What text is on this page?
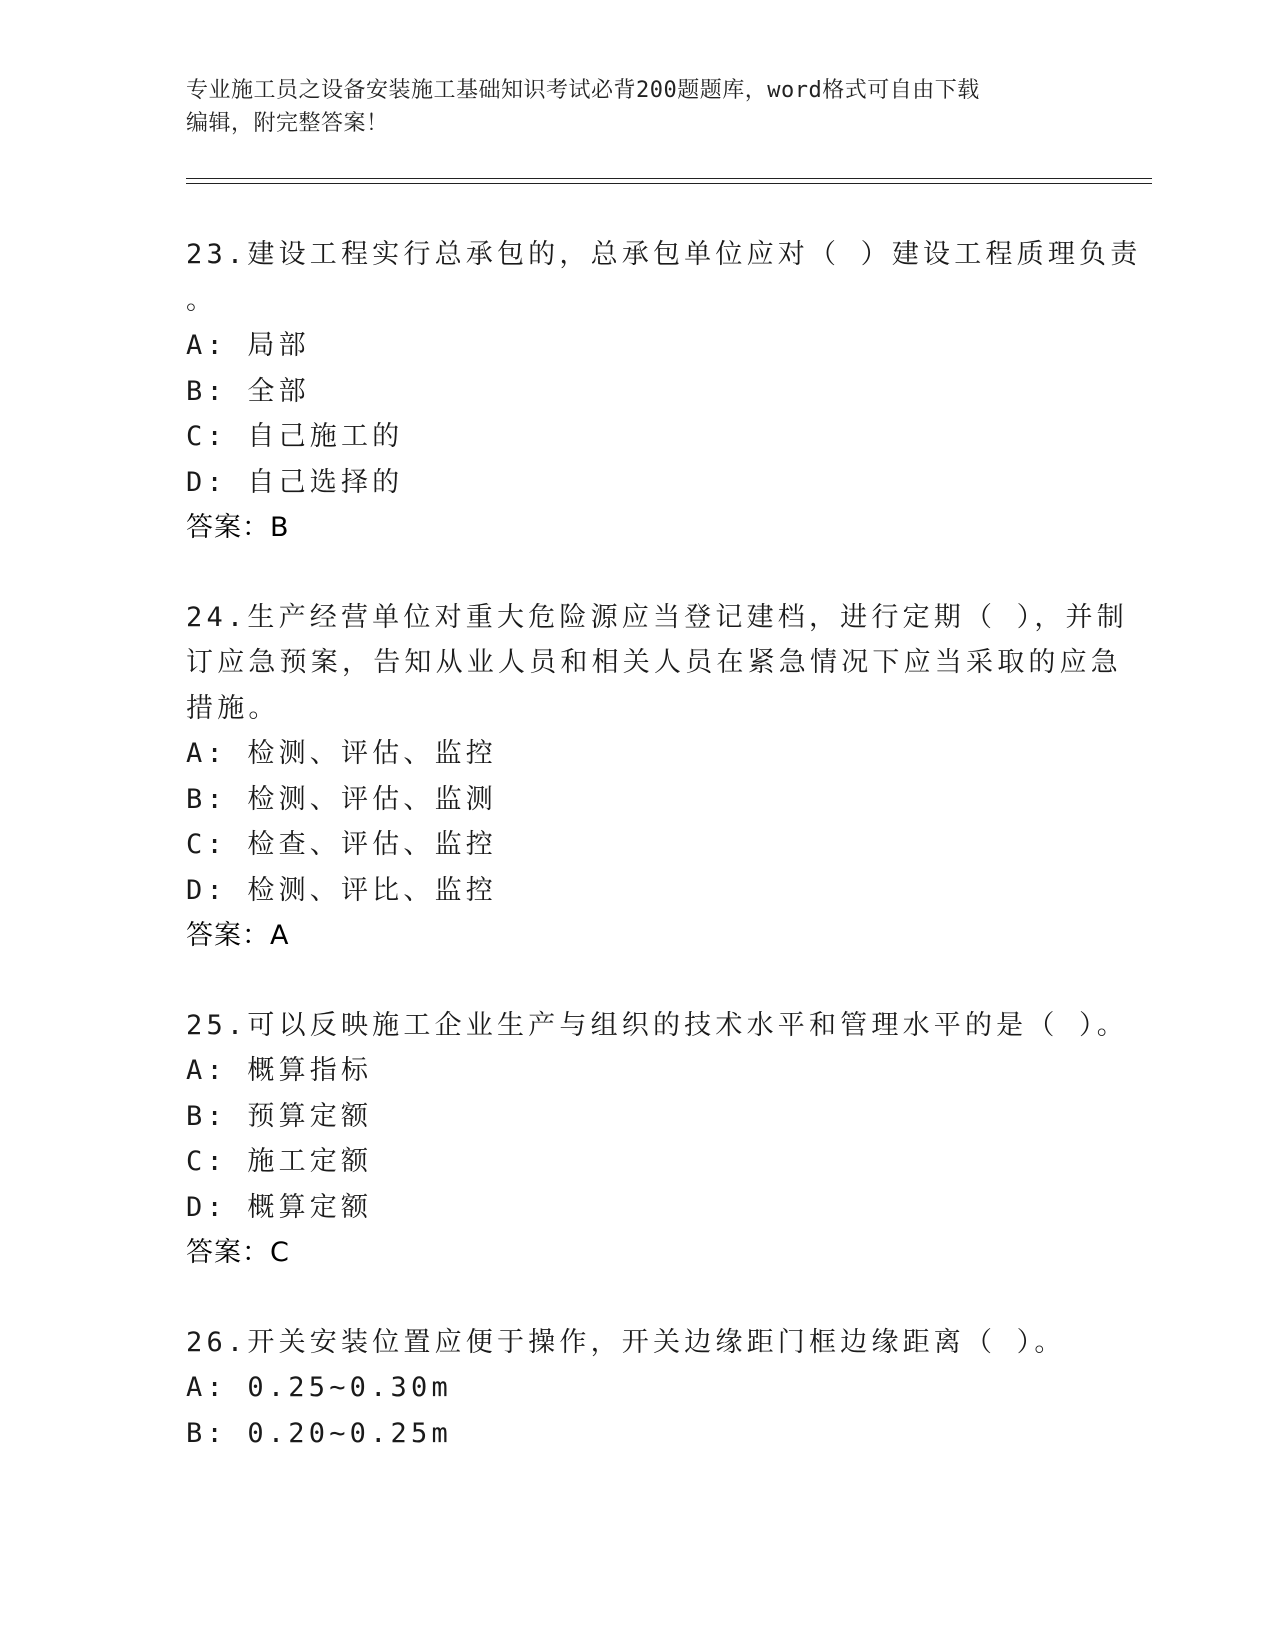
专业施工员之设备安装施工基础知识考试必背200题题库，word格式可自由下载
编辑，附完整答案！
23.建设工程实行总承包的，总承包单位应对（ ）建设工程质理负责
。
A: 局部
B: 全部
C: 自己施工的
D: 自己选择的
答案：B
24.生产经营单位对重大危险源应当登记建档，进行定期（ ），并制
订应急预案，告知从业人员和相关人员在紧急情况下应当采取的应急
措施。
A: 检测、评估、监控
B: 检测、评估、监测
C: 检查、评估、监控
D: 检测、评比、监控
答案：A
25.可以反映施工企业生产与组织的技术水平和管理水平的是（ ）。
A: 概算指标
B: 预算定额
C: 施工定额
D: 概算定额
答案：C
26.开关安装位置应便于操作，开关边缘距门框边缘距离（ ）。
A: 0.25~0.30m
B: 0.20~0.25m
